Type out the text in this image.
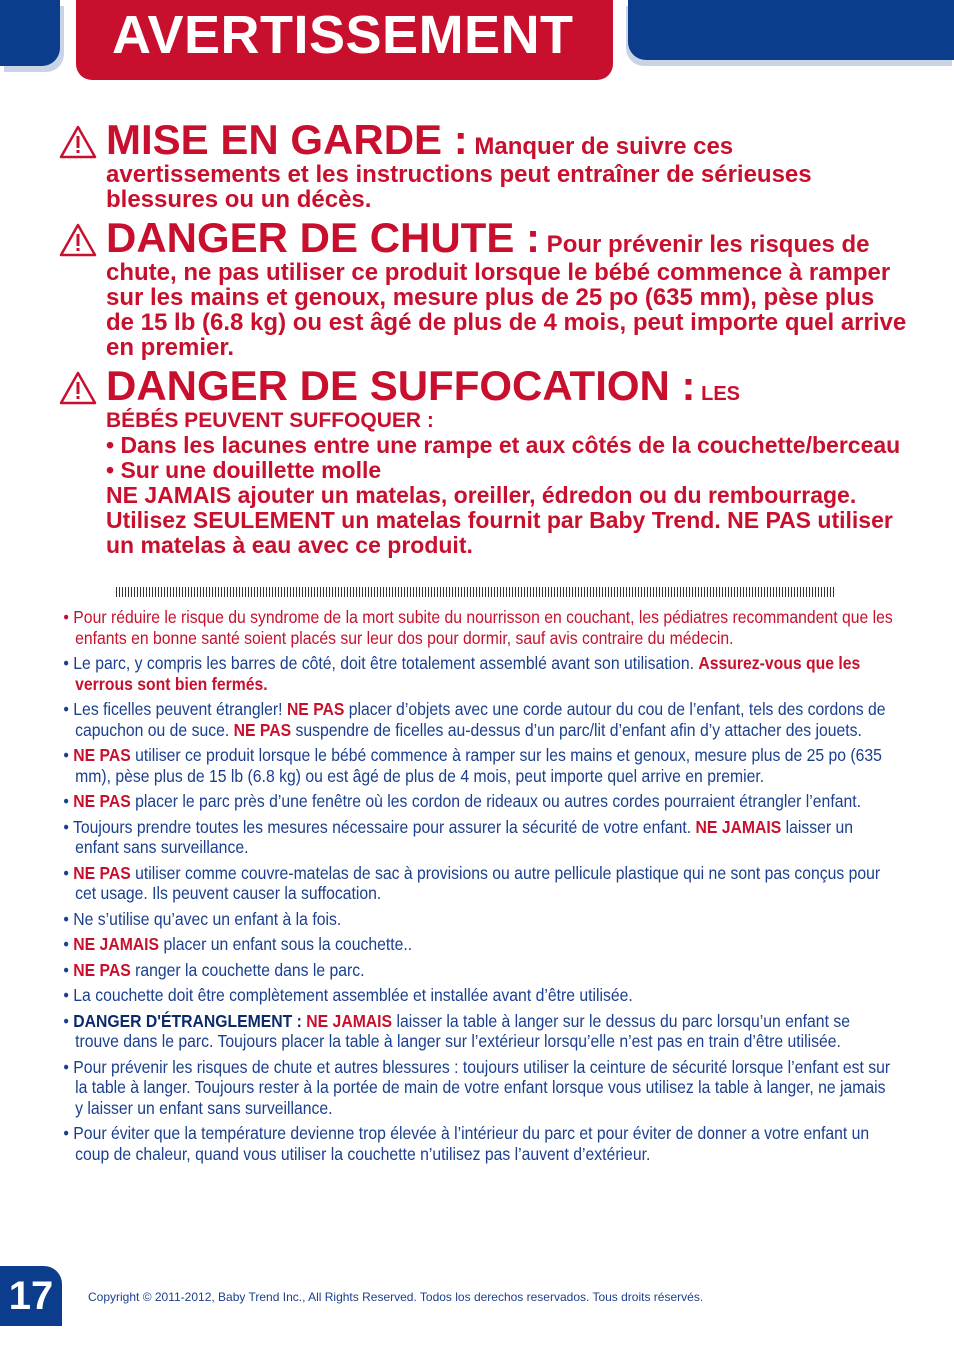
AVERTISSEMENT
MISE EN GARDE : Manquer de suivre ces avertissements et les instructions peut entraîner de sérieuses blessures ou un décès.
DANGER DE CHUTE : Pour prévenir les risques de chute, ne pas utiliser ce produit lorsque le bébé commence à ramper sur les mains et genoux, mesure plus de 25 po (635 mm), pèse plus de 15 lb (6.8 kg) ou est âgé de plus de 4 mois, peut importe quel arrive en premier.
DANGER DE SUFFOCATION : LES
BÉBÉS PEUVENT SUFFOQUER :
• Dans les lacunes entre une rampe et aux côtés de la couchette/berceau
• Sur une douillette molle
NE JAMAIS ajouter un matelas, oreiller, édredon ou du rembourrage. Utilisez SEULEMENT un matelas fournit par Baby Trend. NE PAS utiliser un matelas à eau avec ce produit.
• Pour réduire le risque du syndrome de la mort subite du nourrisson en couchant, les pédiatres recommandent que les enfants en bonne santé soient placés sur leur dos pour dormir, sauf avis contraire du médecin.
• Le parc, y compris les barres de côté, doit être totalement assemblé avant son utilisation. Assurez-vous que les verrous sont bien fermés.
• Les ficelles peuvent étrangler! NE PAS placer d’objets avec une corde autour du cou de l’enfant, tels des cordons de capuchon ou de suce. NE PAS suspendre de ficelles au-dessus d’un parc/lit d’enfant afin d’y attacher des jouets.
• NE PAS utiliser ce produit lorsque le bébé commence à ramper sur les mains et genoux, mesure plus de 25 po (635 mm), pèse plus de 15 lb (6.8 kg) ou est âgé de plus de 4 mois, peut importe quel arrive en premier.
• NE PAS placer le parc près d’une fenêtre où les cordon de rideaux ou autres cordes pourraient étrangler l’enfant.
• Toujours prendre toutes les mesures nécessaire pour assurer la sécurité de votre enfant. NE JAMAIS laisser un enfant sans surveillance.
• NE PAS utiliser comme couvre-matelas de sac à provisions ou autre pellicule plastique qui ne sont pas conçus pour cet usage. Ils peuvent causer la suffocation.
• Ne s’utilise qu’avec un enfant à la fois.
• NE JAMAIS placer un enfant sous la couchette..
• NE PAS ranger la couchette dans le parc.
• La couchette doit être complètement assemblée et installée avant d’être utilisée.
• DANGER D'ÉTRANGLEMENT : NE JAMAIS laisser la table à langer sur le dessus du parc lorsqu’un enfant se trouve dans le parc. Toujours placer la table à langer sur l’extérieur lorsqu’elle n’est pas en train d’être utilisée.
• Pour prévenir les risques de chute et autres blessures : toujours utiliser la ceinture de sécurité lorsque l’enfant est sur la table à langer. Toujours rester à la portée de main de votre enfant lorsque vous utilisez la table à langer, ne jamais y laisser un enfant sans surveillance.
• Pour éviter que la température devienne trop élevée à l’intérieur du parc et pour éviter de donner a votre enfant un coup de chaleur, quand vous utiliser la couchette n’utilisez pas l’auvent d’extérieur.
17	Copyright © 2011-2012, Baby Trend Inc., All Rights Reserved. Todos los derechos reservados. Tous droits réservés.
